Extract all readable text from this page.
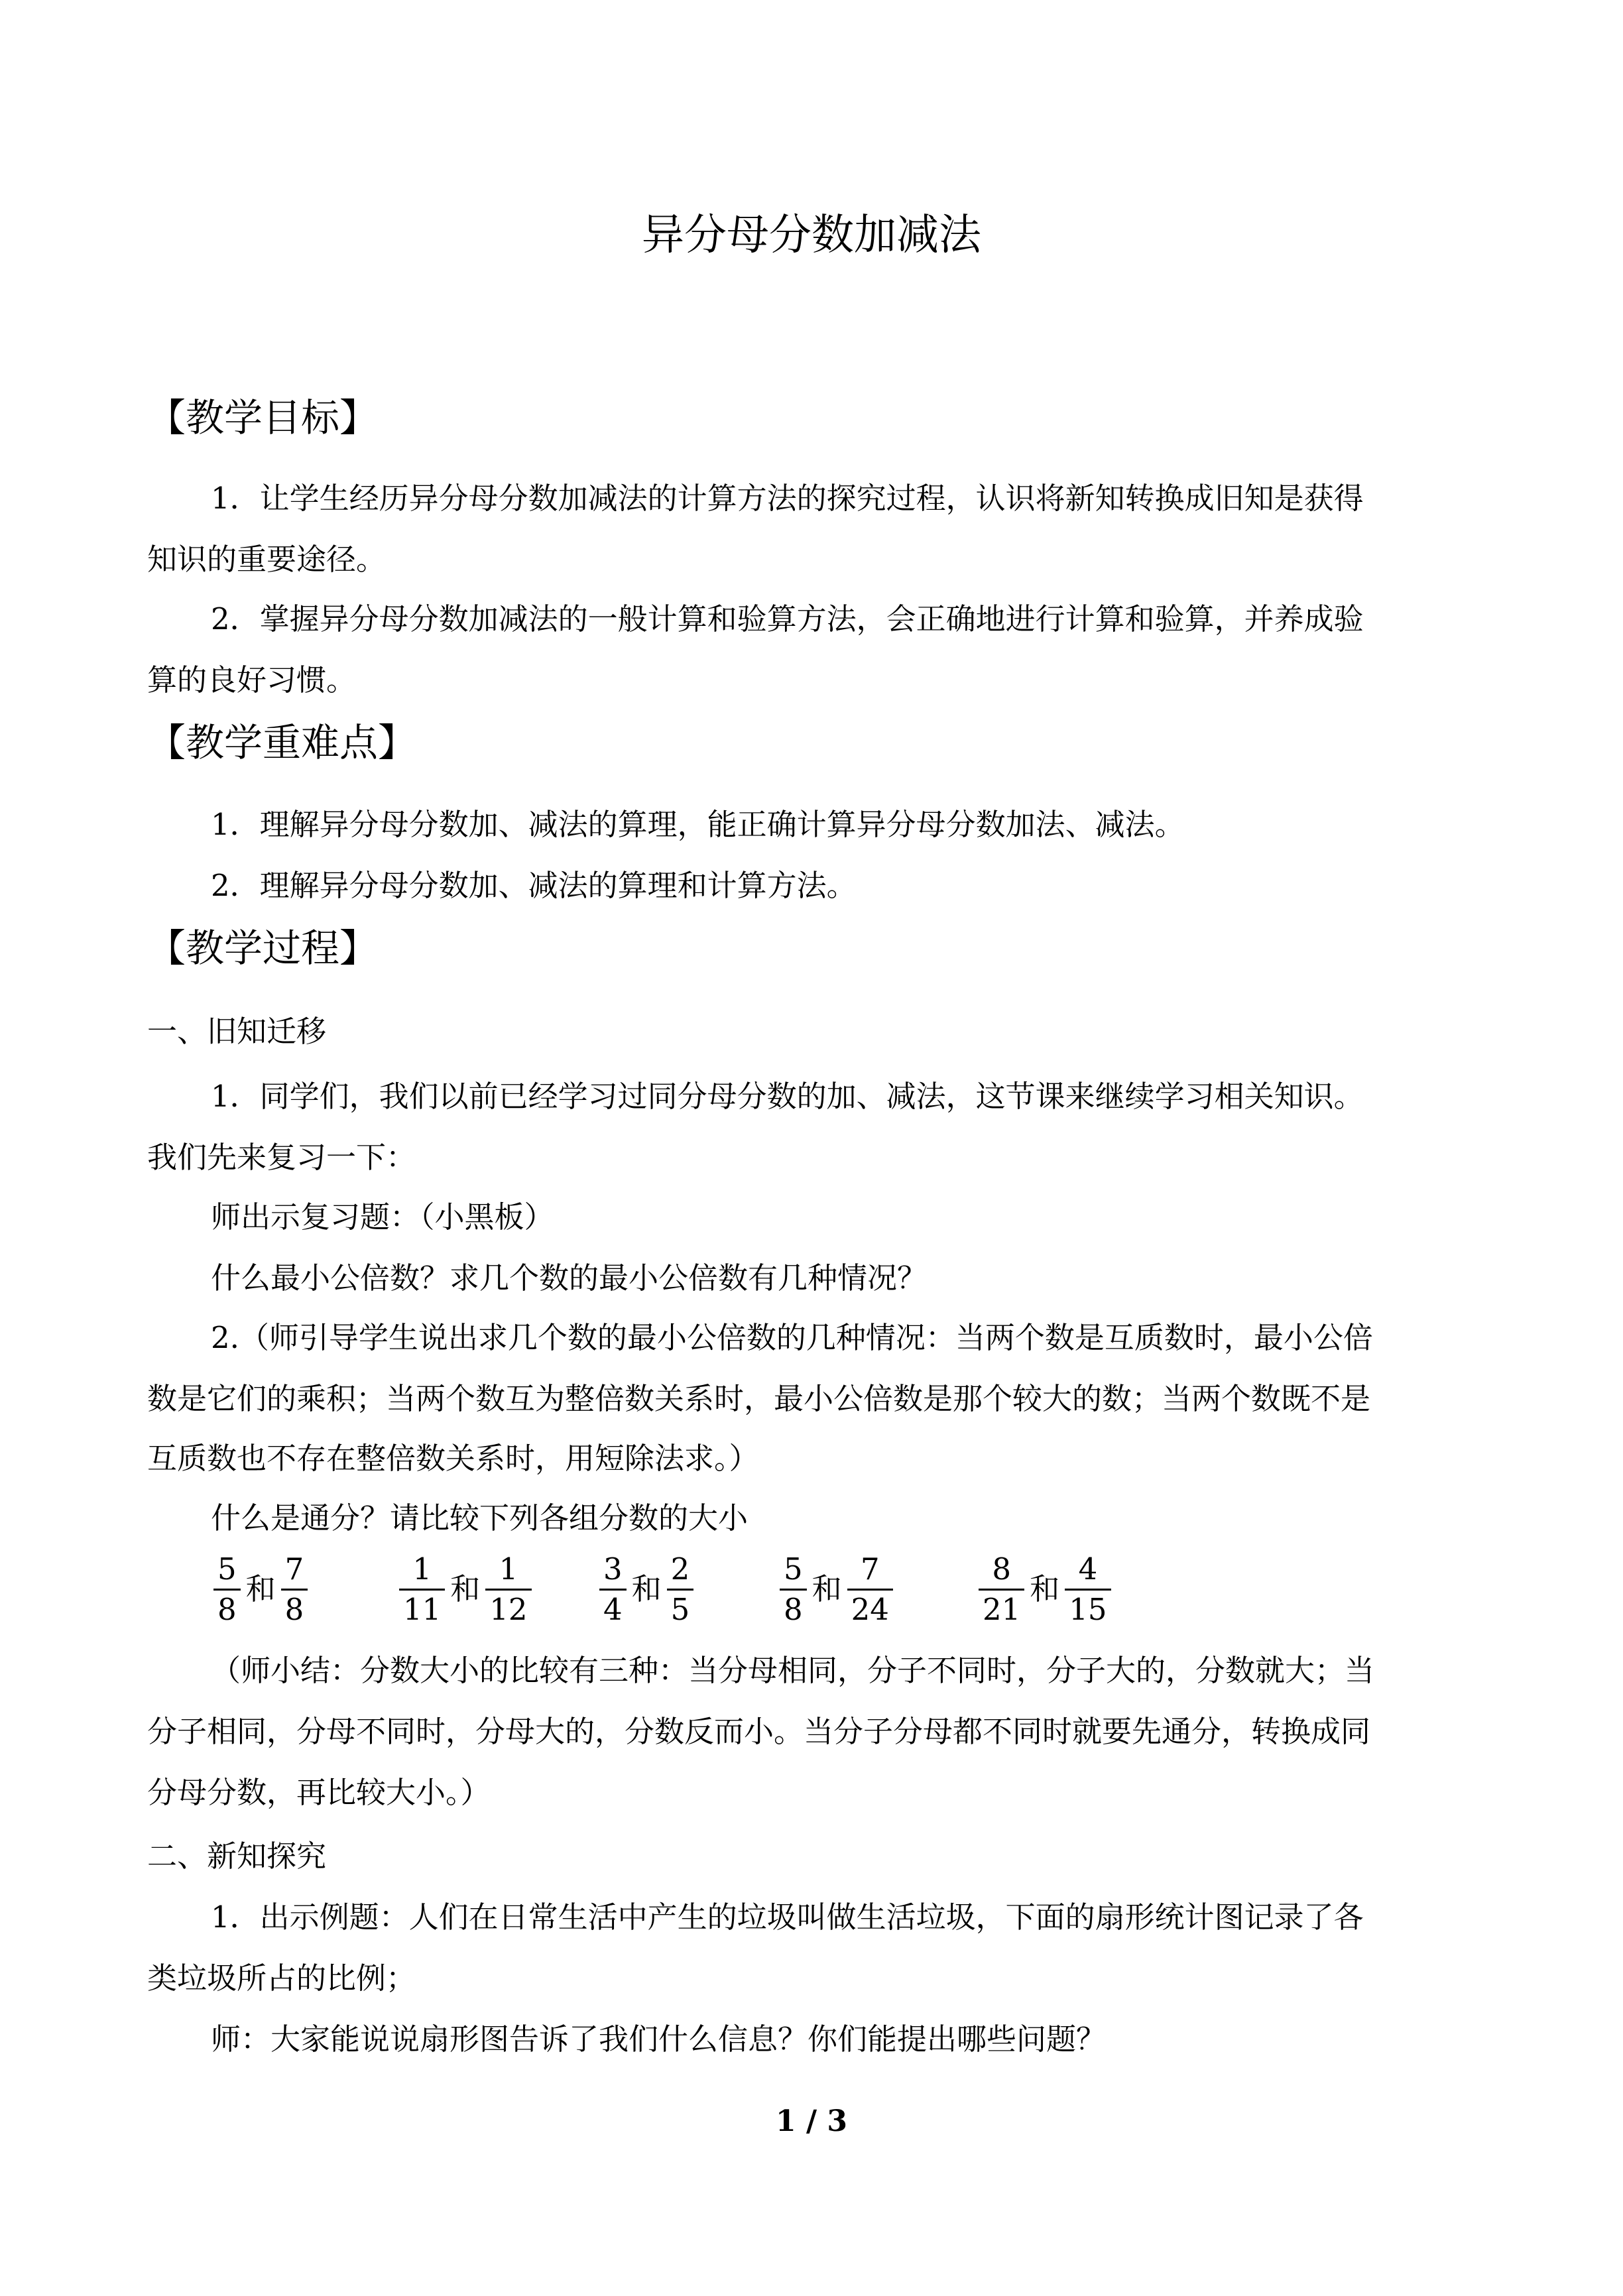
异分母分数加减法
【教学目标】
1．让学生经历异分母分数加减法的计算方法的探究过程，认识将新知转换成旧知是获得
知识的重要途径。
2．掌握异分母分数加减法的一般计算和验算方法，会正确地进行计算和验算，并养成验
算的良好习惯。
【教学重难点】
1．理解异分母分数加、减法的算理，能正确计算异分母分数加法、减法。
2．理解异分母分数加、减法的算理和计算方法。
【教学过程】
一、旧知迁移
1．同学们，我们以前已经学习过同分母分数的加、减法，这节课来继续学习相关知识。
我们先来复习一下：
师出示复习题：（小黑板）
什么最小公倍数？求几个数的最小公倍数有几种情况？
2.（师引导学生说出求几个数的最小公倍数的几种情况：当两个数是互质数时，最小公倍
数是它们的乘积；当两个数互为整倍数关系时，最小公倍数是那个较大的数；当两个数既不是
互质数也不存在整倍数关系时，用短除法求。）
什么是通分？请比较下列各组分数的大小
$\frac{5}{8}$ 和 $\frac{7}{8}$	$\frac{1}{11}$ 和 $\frac{1}{12} \frac{3}{4}$ 和 $\frac{2}{5}$	$\frac{5}{8}$ 和 $\frac{7}{24}$	$\frac{8}{21}$ 和 $\frac{4}{15}$
（师小结：分数大小的比较有三种：当分母相同，分子不同时，分子大的，分数就大；当
分子相同，分母不同时，分母大的，分数反而小。当分子分母都不同时就要先通分，转换成同
分母分数，再比较大小。）
二、新知探究
1．出示例题：人们在日常生活中产生的垃圾叫做生活垃圾，下面的扇形统计图记录了各
类垃圾所占的比例；
师：大家能说说扇形图告诉了我们什么信息？你们能提出哪些问题？
1 / 3
